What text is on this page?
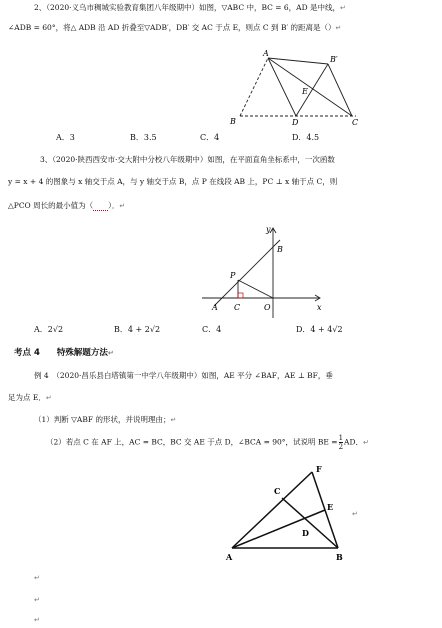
2、（2020·义乌市稠城实验教育集团八年级期中）如图，▽ABC 中，BC = 6，AD 是中线，↵
∠ADB = 60°，将△ ADB 沿 AD 折叠至▽ADB′，DB′ 交 AC 于点 E，则点 C 到 B′ 的距离是（）↵
A
B′
E
B	D	C
A．3	B．3.5	C．4	D．4.5
3、（2020·陕西西安市·交大附中分校八年级期中）如图，在平面直角坐标系中，一次函数
y = x + 4 的图象与 x 轴交于点 A，与 y 轴交于点 B，点 P 在线段 AB 上，PC ⊥ x 轴于点 C，则
△PCO 周长的最小值为（　　 ）．↵
y
B
P
A C	O	x
A．2√2	B．4 + 2√2	C．4	D．4 + 4√2
考点 4　　特殊解题方法↵
例 4　（2020·昌乐县白塔镇第一中学八年级期中）如图，AE 平分 ∠BAF，AE ⊥ BF，垂
足为点 E．↵
（1）判断 ▽ABF 的形状，并说明理由；↵
（2）若点 C 在 AF 上，AC = BC，BC 交 AE 于点 D，∠BCA = 90°，试说明 BE = $\frac{1}{2}$ AD．↵
F
C
E
D
A	B
↵
↵
↵
↵
